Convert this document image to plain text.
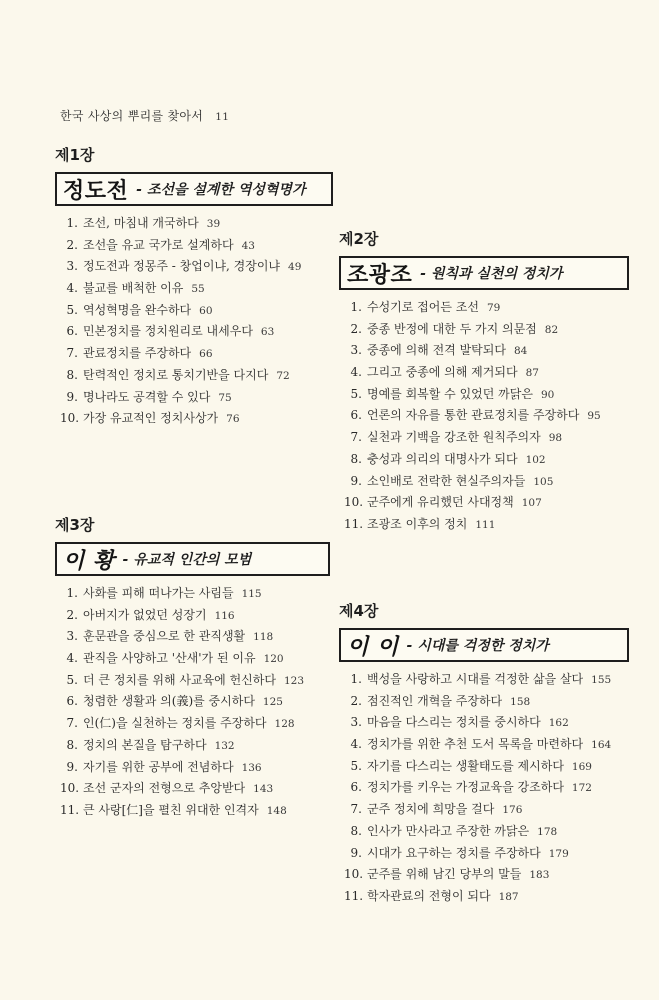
한국 사상의 뿌리를 찾아서 11
제1장
정도전 - 조선을 설계한 역성혁명가
1. 조선, 마침내 개국하다 39
2. 조선을 유교 국가로 설계하다 43
3. 정도전과 정몽주 - 창업이냐, 경장이냐 49
4. 불교를 배척한 이유 55
5. 역성혁명을 완수하다 60
6. 민본정치를 정치원리로 내세우다 63
7. 관료정치를 주장하다 66
8. 탄력적인 정치로 통치기반을 다지다 72
9. 명나라도 공격할 수 있다 75
10. 가장 유교적인 정치사상가 76
제2장
조광조 - 원칙과 실천의 정치가
1. 수성기로 접어든 조선 79
2. 중종 반정에 대한 두 가지 의문점 82
3. 중종에 의해 전격 발탁되다 84
4. 그리고 중종에 의해 제거되다 87
5. 명예를 회복할 수 있었던 까닭은 90
6. 언론의 자유를 통한 관료정치를 주장하다 95
7. 실천과 기백을 강조한 원칙주의자 98
8. 충성과 의리의 대명사가 되다 102
9. 소인배로 전락한 현실주의자들 105
10. 군주에게 유리했던 사대정책 107
11. 조광조 이후의 정치 111
제3장
이 황 - 유교적 인간의 모범
1. 사화를 피해 떠나가는 사림들 115
2. 아버지가 없었던 성장기 116
3. 훈문관을 중심으로 한 관직생활 118
4. 관직을 사양하고 '산새'가 된 이유 120
5. 더 큰 정치를 위해 사교육에 헌신하다 123
6. 청렴한 생활과 의(義)를 중시하다 125
7. 인(仁)을 실천하는 정치를 주장하다 128
8. 정치의 본질을 탐구하다 132
9. 자기를 위한 공부에 전념하다 136
10. 조선 군자의 전형으로 추앙받다 143
11. 큰 사랑[仁]을 펼친 위대한 인격자 148
제4장
이 이 - 시대를 걱정한 정치가
1. 백성을 사랑하고 시대를 걱정한 삶을 살다 155
2. 점진적인 개혁을 주장하다 158
3. 마음을 다스리는 정치를 중시하다 162
4. 정치가를 위한 추천 도서 목록을 마련하다 164
5. 자기를 다스리는 생활태도를 제시하다 169
6. 정치가를 키우는 가정교육을 강조하다 172
7. 군주 정치에 희망을 걸다 176
8. 인사가 만사라고 주장한 까닭은 178
9. 시대가 요구하는 정치를 주장하다 179
10. 군주를 위해 남긴 당부의 말들 183
11. 학자관료의 전형이 되다 187
